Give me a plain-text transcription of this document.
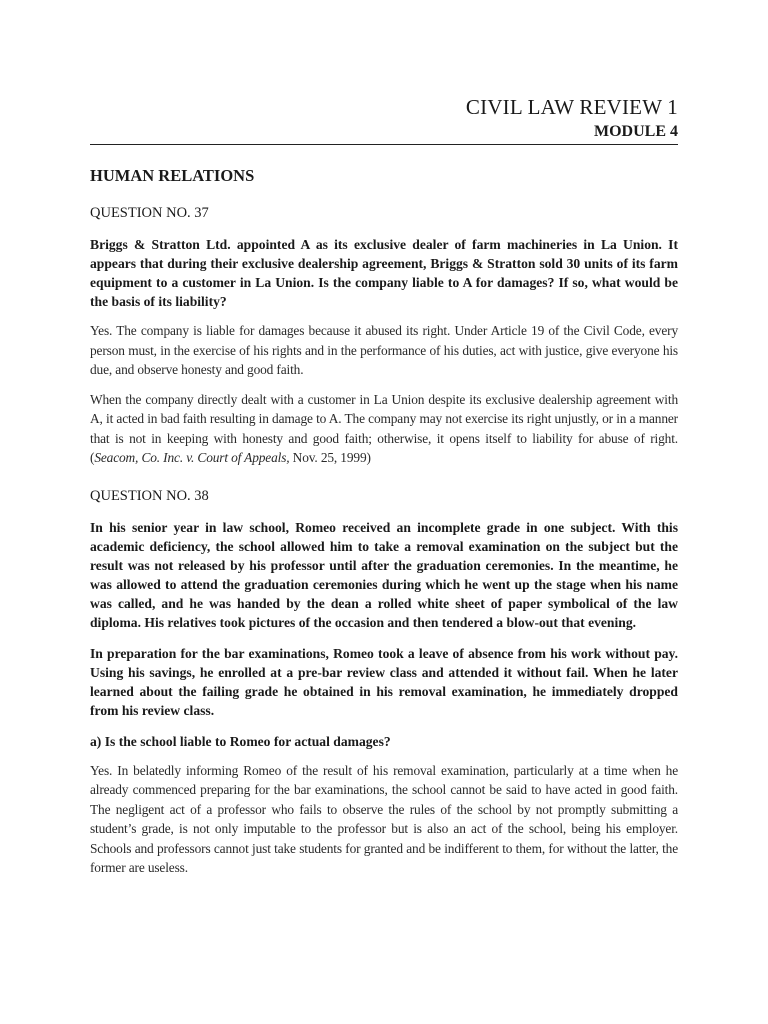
CIVIL LAW REVIEW 1
MODULE 4
HUMAN RELATIONS
QUESTION NO. 37
Briggs & Stratton Ltd. appointed A as its exclusive dealer of farm machineries in La Union. It appears that during their exclusive dealership agreement, Briggs & Stratton sold 30 units of its farm equipment to a customer in La Union. Is the company liable to A for damages? If so, what would be the basis of its liability?
Yes. The company is liable for damages because it abused its right. Under Article 19 of the Civil Code, every person must, in the exercise of his rights and in the performance of his duties, act with justice, give everyone his due, and observe honesty and good faith.
When the company directly dealt with a customer in La Union despite its exclusive dealership agreement with A, it acted in bad faith resulting in damage to A. The company may not exercise its right unjustly, or in a manner that is not in keeping with honesty and good faith; otherwise, it opens itself to liability for abuse of right. (Seacom, Co. Inc. v. Court of Appeals, Nov. 25, 1999)
QUESTION NO. 38
In his senior year in law school, Romeo received an incomplete grade in one subject. With this academic deficiency, the school allowed him to take a removal examination on the subject but the result was not released by his professor until after the graduation ceremonies. In the meantime, he was allowed to attend the graduation ceremonies during which he went up the stage when his name was called, and he was handed by the dean a rolled white sheet of paper symbolical of the law diploma. His relatives took pictures of the occasion and then tendered a blow-out that evening.
In preparation for the bar examinations, Romeo took a leave of absence from his work without pay. Using his savings, he enrolled at a pre-bar review class and attended it without fail. When he later learned about the failing grade he obtained in his removal examination, he immediately dropped from his review class.
a) Is the school liable to Romeo for actual damages?
Yes. In belatedly informing Romeo of the result of his removal examination, particularly at a time when he already commenced preparing for the bar examinations, the school cannot be said to have acted in good faith. The negligent act of a professor who fails to observe the rules of the school by not promptly submitting a student’s grade, is not only imputable to the professor but is also an act of the school, being his employer. Schools and professors cannot just take students for granted and be indifferent to them, for without the latter, the former are useless.
